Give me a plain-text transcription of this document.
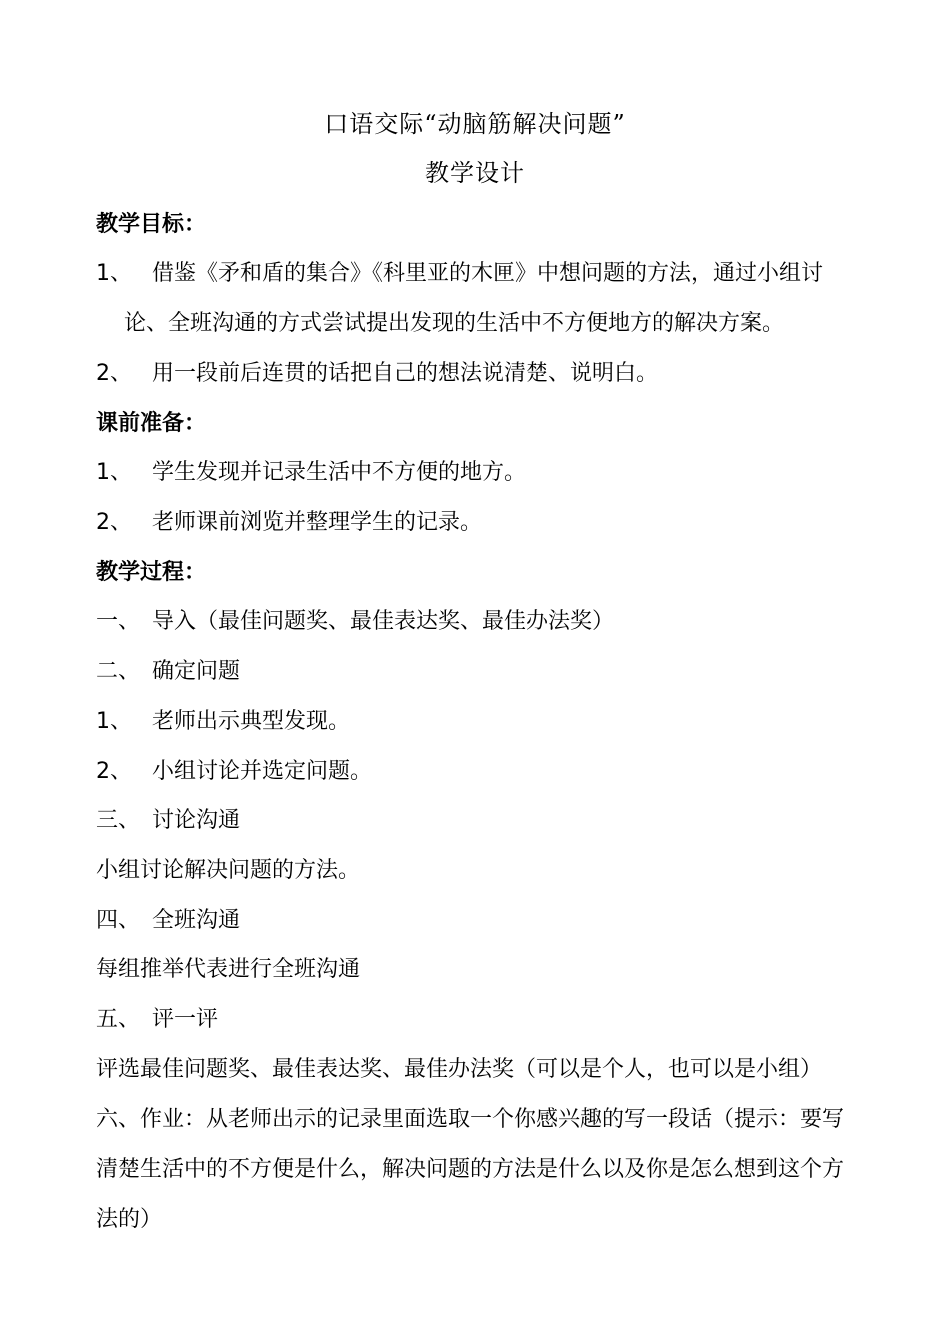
口语交际“动脑筋解决问题”
教学设计
教学目标：
1、 借鉴《矛和盾的集合》《科里亚的木匣》中想问题的方法，通过小组讨
论、全班沟通的方式尝试提出发现的生活中不方便地方的解决方案。
2、 用一段前后连贯的话把自己的想法说清楚、说明白。
课前准备：
1、 学生发现并记录生活中不方便的地方。
2、 老师课前浏览并整理学生的记录。
教学过程：
一、 导入（最佳问题奖、最佳表达奖、最佳办法奖）
二、 确定问题
1、 老师出示典型发现。
2、 小组讨论并选定问题。
三、 讨论沟通
小组讨论解决问题的方法。
四、 全班沟通
每组推举代表进行全班沟通
五、 评一评
评选最佳问题奖、最佳表达奖、最佳办法奖（可以是个人，也可以是小组）
六、作业：从老师出示的记录里面选取一个你感兴趣的写一段话（提示：要写
清楚生活中的不方便是什么，解决问题的方法是什么以及你是怎么想到这个方
法的）
